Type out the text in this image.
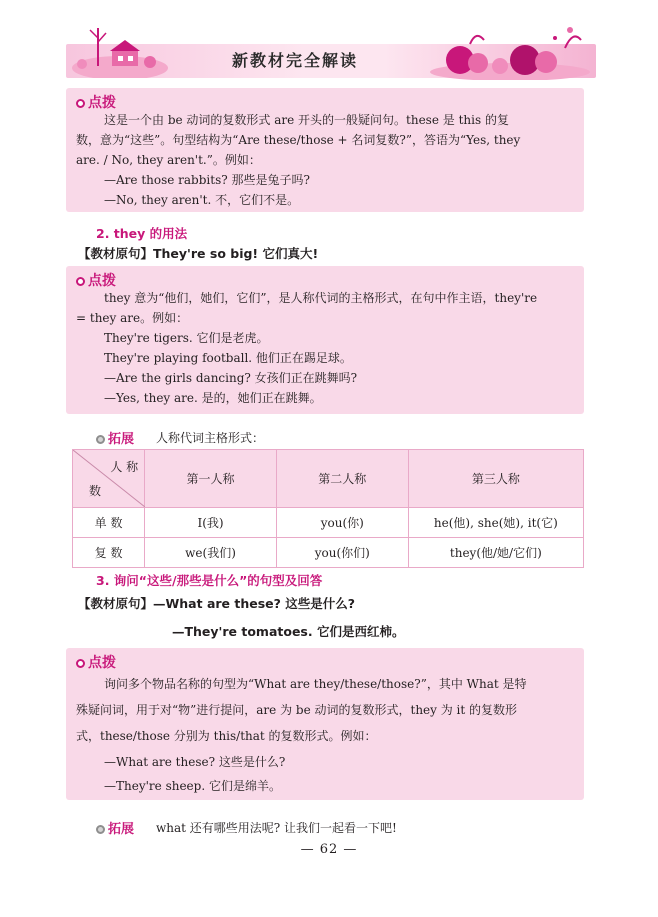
新教材完全解读
点拨
这是一个由 be 动词的复数形式 are 开头的一般疑问句。these 是 this 的复
数，意为“这些”。句型结构为“Are these/those + 名词复数?”，答语为“Yes, they
are. / No, they aren't.”。例如：
—Are those rabbits? 那些是兔子吗?
—No, they aren't. 不，它们不是。
2. they 的用法
【教材原句】They're so big! 它们真大!
点拨
they 意为“他们，她们，它们”，是人称代词的主格形式，在句中作主语，they're
= they are。例如：
They're tigers. 它们是老虎。
They're playing football. 他们正在踢足球。
—Are the girls dancing? 女孩们正在跳舞吗?
—Yes, they are. 是的，她们正在跳舞。
拓展 人称代词主格形式：
人 称
数	第一人称	第二人称	第三人称
单 数	I(我)	you(你)	he(他), she(她), it(它)
复 数	we(我们)	you(你们)	they(他/她/它们)
3. 询问“这些/那些是什么”的句型及回答
【教材原句】—What are these? 这些是什么?
—They're tomatoes. 它们是西红柿。
点拨
询问多个物品名称的句型为“What are they/these/those?”，其中 What 是特
殊疑问词，用于对“物”进行提问，are 为 be 动词的复数形式，they 为 it 的复数形
式，these/those 分别为 this/that 的复数形式。例如：
—What are these? 这些是什么?
—They're sheep. 它们是绵羊。
拓展 what 还有哪些用法呢? 让我们一起看一下吧!
— 62 —
